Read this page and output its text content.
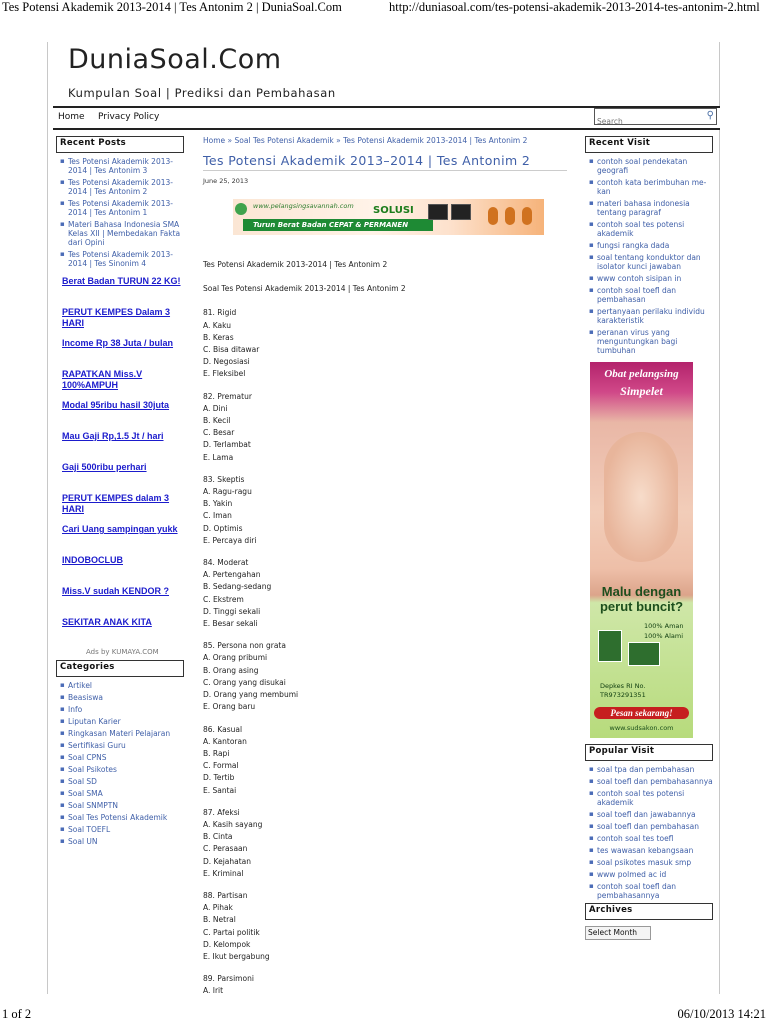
Tes Potensi Akademik 2013-2014 | Tes Antonim 2 | DuniaSoal.Com	http://duniasoal.com/tes-potensi-akademik-2013-2014-tes-antonim-2.html
DuniaSoal.Com
Kumpulan Soal | Prediksi dan Pembahasan
Home Privacy Policy
Search	⚲
Recent Posts
▪ Tes Potensi Akademik 2013-2014 | Tes Antonim 3
▪ Tes Potensi Akademik 2013-2014 | Tes Antonim 2
▪ Tes Potensi Akademik 2013-2014 | Tes Antonim 1
▪ Materi Bahasa Indonesia SMA Kelas XII | Membedakan Fakta dari Opini
▪ Tes Potensi Akademik 2013-2014 | Tes Sinonim 4
Berat Badan TURUN 22 KG!
PERUT KEMPES Dalam 3 HARI
Income Rp 38 Juta / bulan
RAPATKAN Miss.V 100%AMPUH
Modal 95ribu hasil 30juta
Mau Gaji Rp,1.5 Jt / hari
Gaji 500ribu perhari
PERUT KEMPES dalam 3 HARI
Cari Uang sampingan yukk
INDOBOCLUB
Miss.V sudah KENDOR ?
SEKITAR ANAK KITA
Ads by KUMAYA.COM
Categories
▪ Artikel
▪ Beasiswa
▪ Info
▪ Liputan Karier
▪ Ringkasan Materi Pelajaran
▪ Sertifikasi Guru
▪ Soal CPNS
▪ Soal Psikotes
▪ Soal SD
▪ Soal SMA
▪ Soal SNMPTN
▪ Soal Tes Potensi Akademik
▪ Soal TOEFL
▪ Soal UN
Home » Soal Tes Potensi Akademik » Tes Potensi Akademik 2013-2014 | Tes Antonim 2
Tes Potensi Akademik 2013–2014 | Tes Antonim 2
June 25, 2013
www.pelangsingsavannah.com SOLUSI
Turun Berat Badan CEPAT & PERMANEN

Tes Potensi Akademik 2013-2014 | Tes Antonim 2

Soal Tes Potensi Akademik 2013-2014 | Tes Antonim 2

81. Rigid
A. Kaku
B. Keras
C. Bisa ditawar
D. Negosiasi
E. Fleksibel
82. Prematur
A. Dini
B. Kecil
C. Besar
D. Terlambat
E. Lama
83. Skeptis
A. Ragu-ragu
B. Yakin
C. Iman
D. Optimis
E. Percaya diri
84. Moderat
A. Pertengahan
B. Sedang-sedang
C. Ekstrem
D. Tinggi sekali
E. Besar sekali
85. Persona non grata
A. Orang pribumi
B. Orang asing
C. Orang yang disukai
D. Orang yang membumi
E. Orang baru
86. Kasual
A. Kantoran
B. Rapi
C. Formal
D. Tertib
E. Santai
87. Afeksi
A. Kasih sayang
B. Cinta
C. Perasaan
D. Kejahatan
E. Kriminal
88. Partisan
A. Pihak
B. Netral
C. Partai politik
D. Kelompok
E. Ikut bergabung
89. Parsimoni
A. Irit
Recent Visit
▪ contoh soal pendekatan geografi
▪ contoh kata berimbuhan me-kan
▪ materi bahasa indonesia tentang paragraf
▪ contoh soal tes potensi akademik
▪ fungsi rangka dada
▪ soal tentang konduktor dan isolator kunci jawaban
▪ www contoh sisipan in
▪ contoh soal toefl dan pembahasan
▪ pertanyaan perilaku individu karakteristik
▪ peranan virus yang menguntungkan bagi tumbuhan
Obat pelangsing
Simpelet
Malu dengan perut buncit?
100% Aman
100% Alami
Depkes RI No. TR973291351
Pesan sekarang!
www.sudsakon.com
Popular Visit
▪ soal tpa dan pembahasan
▪ soal toefl dan pembahasannya
▪ contoh soal tes potensi akademik
▪ soal toefl dan jawabannya
▪ soal toefl dan pembahasan
▪ contoh soal tes toefl
▪ tes wawasan kebangsaan
▪ soal psikotes masuk smp
▪ www polmed ac id
▪ contoh soal toefl dan pembahasannya
Archives
Select Month
1 of 2	06/10/2013 14:21
